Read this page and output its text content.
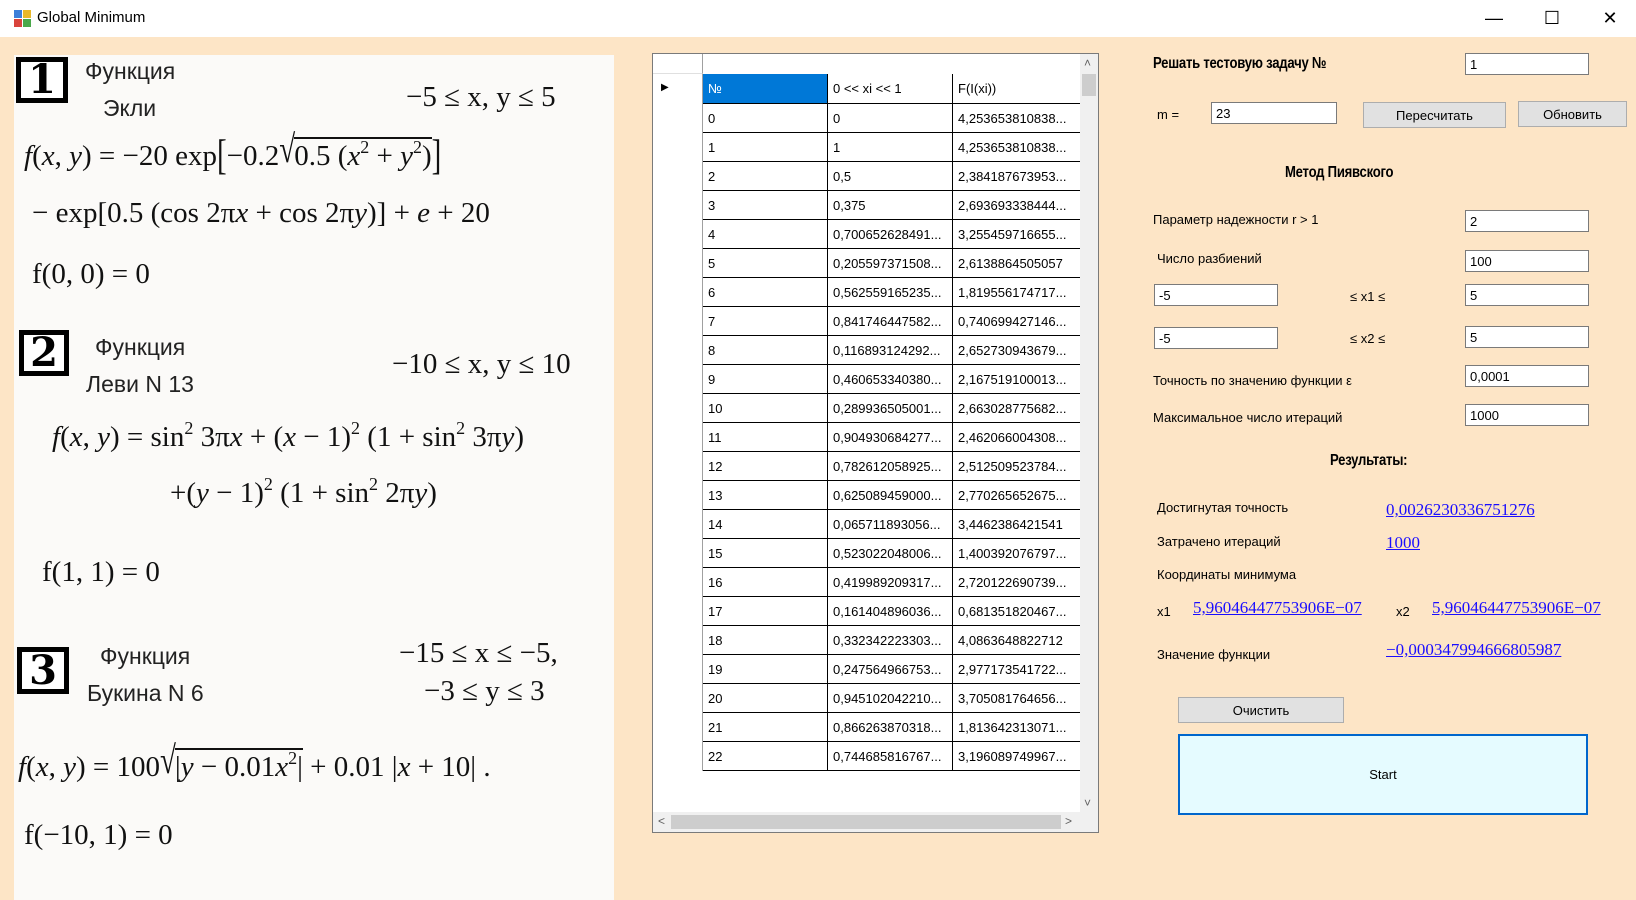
Global Minimum	—	☐	✕
1	Функция
Экли	−5 ≤ x, y ≤ 5
f(x, y) = −20 exp[−0.2√0.5 $(x^2 + y^2)$]
− exp[0.5 (cos 2πx + cos 2πy)] + e + 20
f(0, 0) = 0
2	Функция
Леви N 13
−10 ≤ x, y ≤ 10
f(x, $y) = \sin^2 3\pi x + (x - 1)^2$ $(1 + \sin^2 3\pi y)$
$+(y - 1)^2$ $(1 + \sin^2 2\pi y)$
f(1, 1) = 0
3	Функция
Букина N 6
−15 ≤ x ≤ −5,
−3 ≤ y ≤ 3
f(x, $y) = 100√|y - 0.01x^2| + 0.01$ |x + 10| .
f(−10, 1) = 0
▶	№	0 << xi << 1	F(I(xi))
0	0	4,253653810838...
1	1	4,253653810838...
2	0,5	2,384187673953...
3	0,375	2,693693338444...
4	0,700652628491...	3,255459716655...
5	0,205597371508...	2,6138864505057
6	0,562559165235...	1,819556174717...
7	0,841746447582...	0,740699427146...
8	0,116893124292...	2,652730943679...
9	0,460653340380...	2,167519100013...
10	0,289936505001...	2,663028775682...
11	0,904930684277...	2,462066004308...
12	0,782612058925...	2,512509523784...
13	0,625089459000...	2,770265652675...
14	0,065711893056...	3,4462386421541
15	0,523022048006...	1,400392076797...
16	0,419989209317...	2,720122690739...
17	0,161404896036...	0,681351820467...
18	0,332342223303...	4,0863648822712
19	0,247564966753...	2,977173541722...
20	0,945102042210...	3,705081764656...
21	0,866263870318...	1,813642313071...
22	0,744685816767...	3,196089749967...
˄
˅
<	>
Решать тестовую задачу №
1
m =
23	Пересчитать	Обновить
Метод Пиявского
Параметр надежности r > 1
2
Число разбиений
100
-5
≤ x1 ≤
5
-5
≤ x2 ≤
5
Точность по значению функции ε
0,0001
Максимальное число итераций
1000
Результаты:
Достигнутая точность	0,0026230336751276
Затрачено итераций	1000
Координаты минимума
x1 5,96046447753906E−07	x2 5,96046447753906E−07
Значение функции	−0,000347994666805987
Очистить
Start
